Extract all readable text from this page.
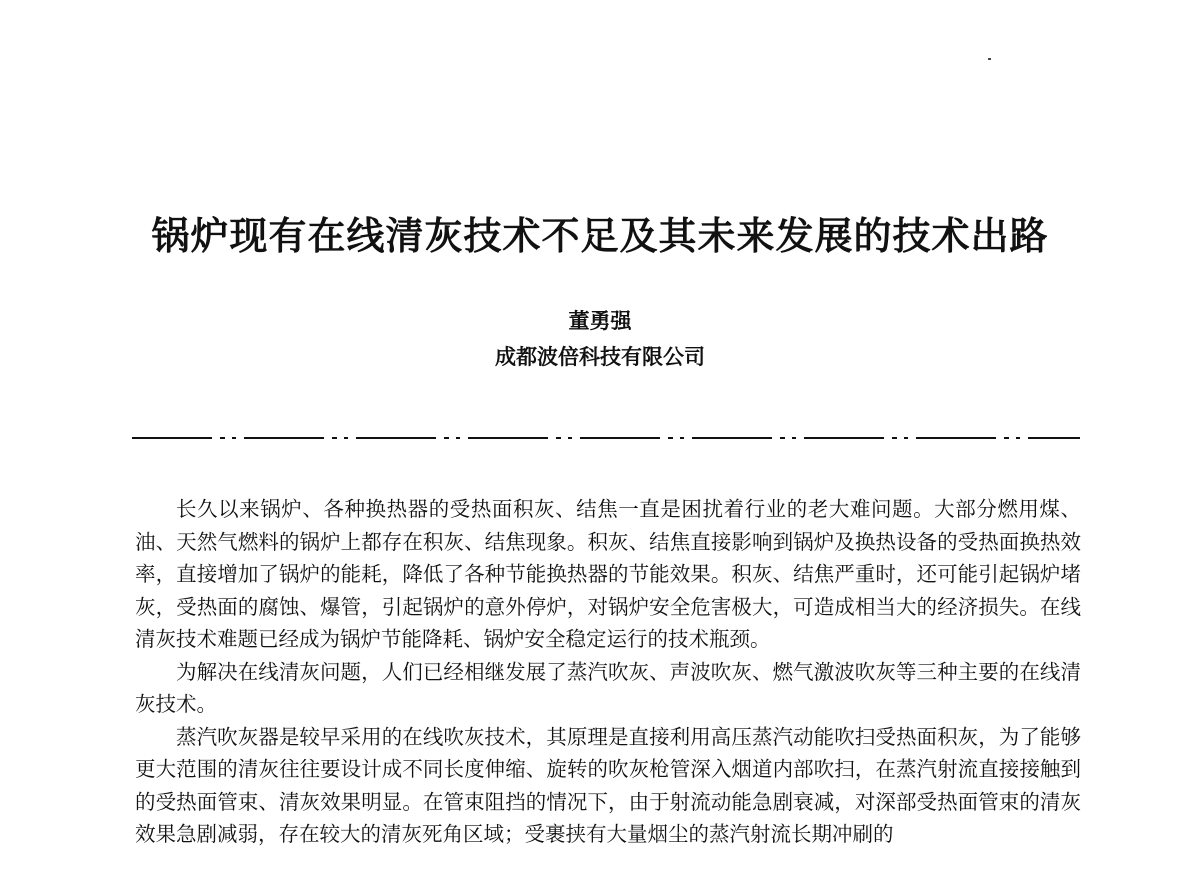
锅炉现有在线清灰技术不足及其未来发展的技术出路
董勇强
成都波倍科技有限公司

长久以来锅炉、各种换热器的受热面积灰、结焦一直是困扰着行业的老大难问题。大部分燃用煤、油、天然气燃料的锅炉上都存在积灰、结焦现象。积灰、结焦直接影响到锅炉及换热设备的受热面换热效率，直接增加了锅炉的能耗，降低了各种节能换热器的节能效果。积灰、结焦严重时，还可能引起锅炉堵灰，受热面的腐蚀、爆管，引起锅炉的意外停炉，对锅炉安全危害极大，可造成相当大的经济损失。在线清灰技术难题已经成为锅炉节能降耗、锅炉安全稳定运行的技术瓶颈。

为解决在线清灰问题，人们已经相继发展了蒸汽吹灰、声波吹灰、燃气激波吹灰等三种主要的在线清灰技术。

蒸汽吹灰器是较早采用的在线吹灰技术，其原理是直接利用高压蒸汽动能吹扫受热面积灰，为了能够更大范围的清灰往往要设计成不同长度伸缩、旋转的吹灰枪管深入烟道内部吹扫，在蒸汽射流直接接触到的受热面管束、清灰效果明显。在管束阻挡的情况下，由于射流动能急剧衰减，对深部受热面管束的清灰效果急剧减弱，存在较大的清灰死角区域；受裹挟有大量烟尘的蒸汽射流长期冲刷的
